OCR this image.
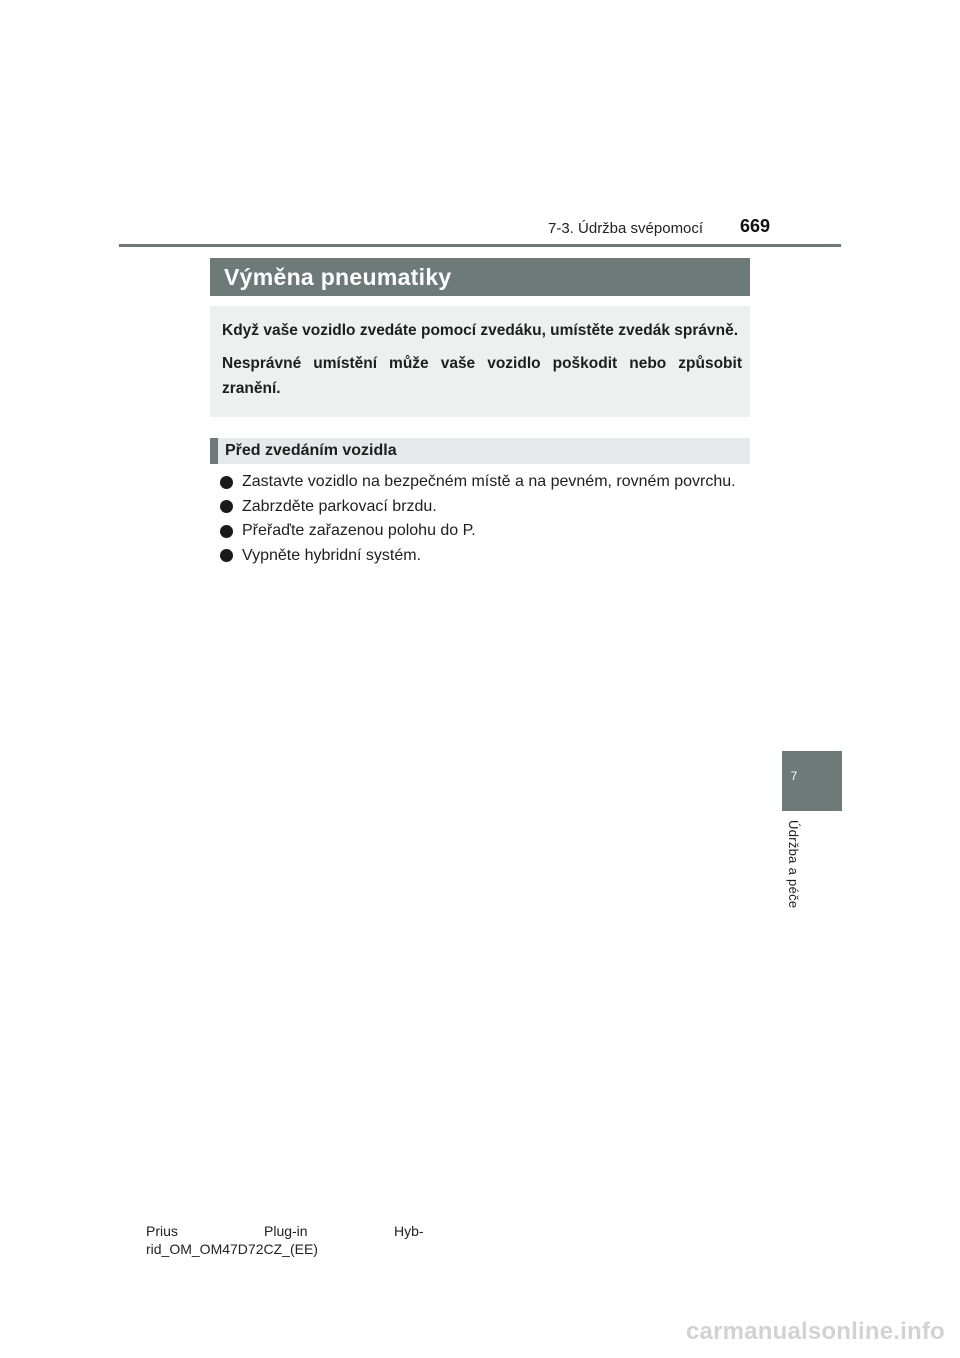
7-3. Údržba svépomocí 669
Výměna pneumatiky

Když vaše vozidlo zvedáte pomocí zvedáku, umístěte zvedák správně.

Nesprávné umístění může vaše vozidlo poškodit nebo způsobit zranění.

Před zvedáním vozidla
Zastavte vozidlo na bezpečném místě a na pevném, rovném povrchu.
Zabrzděte parkovací brzdu.
Přeřaďte zařazenou polohu do P.
Vypněte hybridní systém.
7
Údržba a péče
Prius	Plug-in	Hyb-
rid_OM_OM47D72CZ_(EE)
carmanualsonline.info
